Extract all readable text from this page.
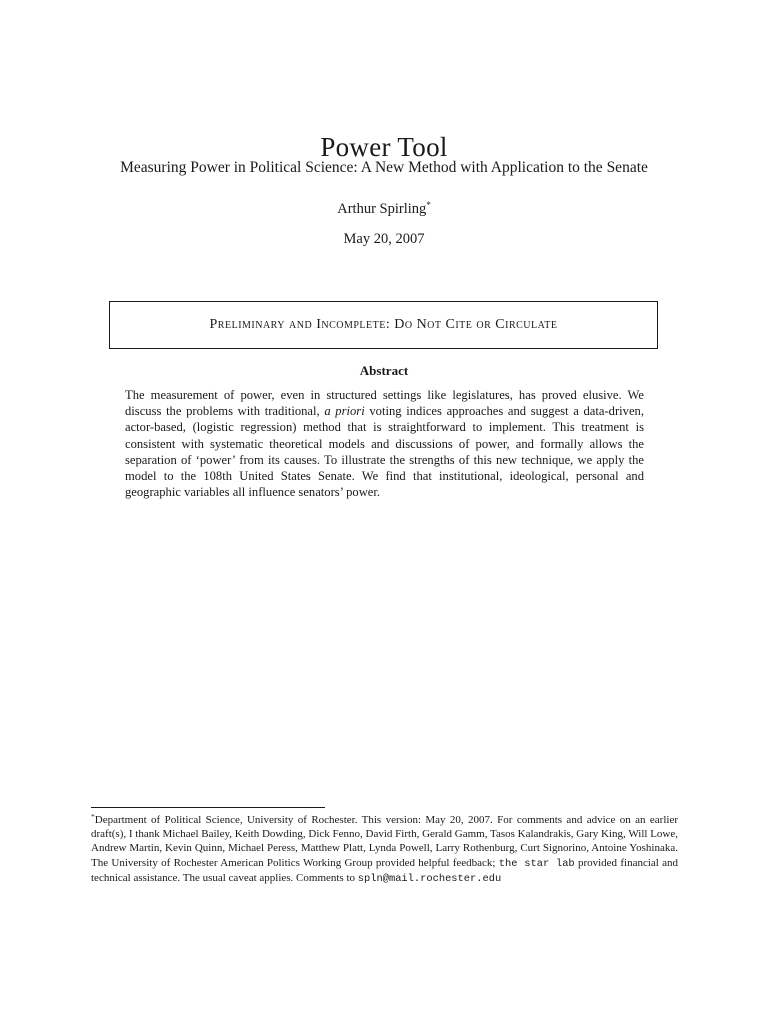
Power Tool
Measuring Power in Political Science: A New Method with Application to the Senate
Arthur Spirling*
May 20, 2007
Preliminary and Incomplete: Do Not Cite or Circulate
Abstract
The measurement of power, even in structured settings like legislatures, has proved elusive. We discuss the problems with traditional, a priori voting indices approaches and suggest a data-driven, actor-based, (logistic regression) method that is straightforward to implement. This treatment is consistent with systematic theoretical models and discussions of power, and formally allows the separation of ‘power’ from its causes. To illustrate the strengths of this new technique, we apply the model to the 108th United States Senate. We find that institutional, ideological, personal and geographic variables all influence senators’ power.
*Department of Political Science, University of Rochester. This version: May 20, 2007. For comments and advice on an earlier draft(s), I thank Michael Bailey, Keith Dowding, Dick Fenno, David Firth, Gerald Gamm, Tasos Kalandrakis, Gary King, Will Lowe, Andrew Martin, Kevin Quinn, Michael Peress, Matthew Platt, Lynda Powell, Larry Rothenburg, Curt Signorino, Antoine Yoshinaka. The University of Rochester American Politics Working Group provided helpful feedback; the star lab provided financial and technical assistance. The usual caveat applies. Comments to spln@mail.rochester.edu
